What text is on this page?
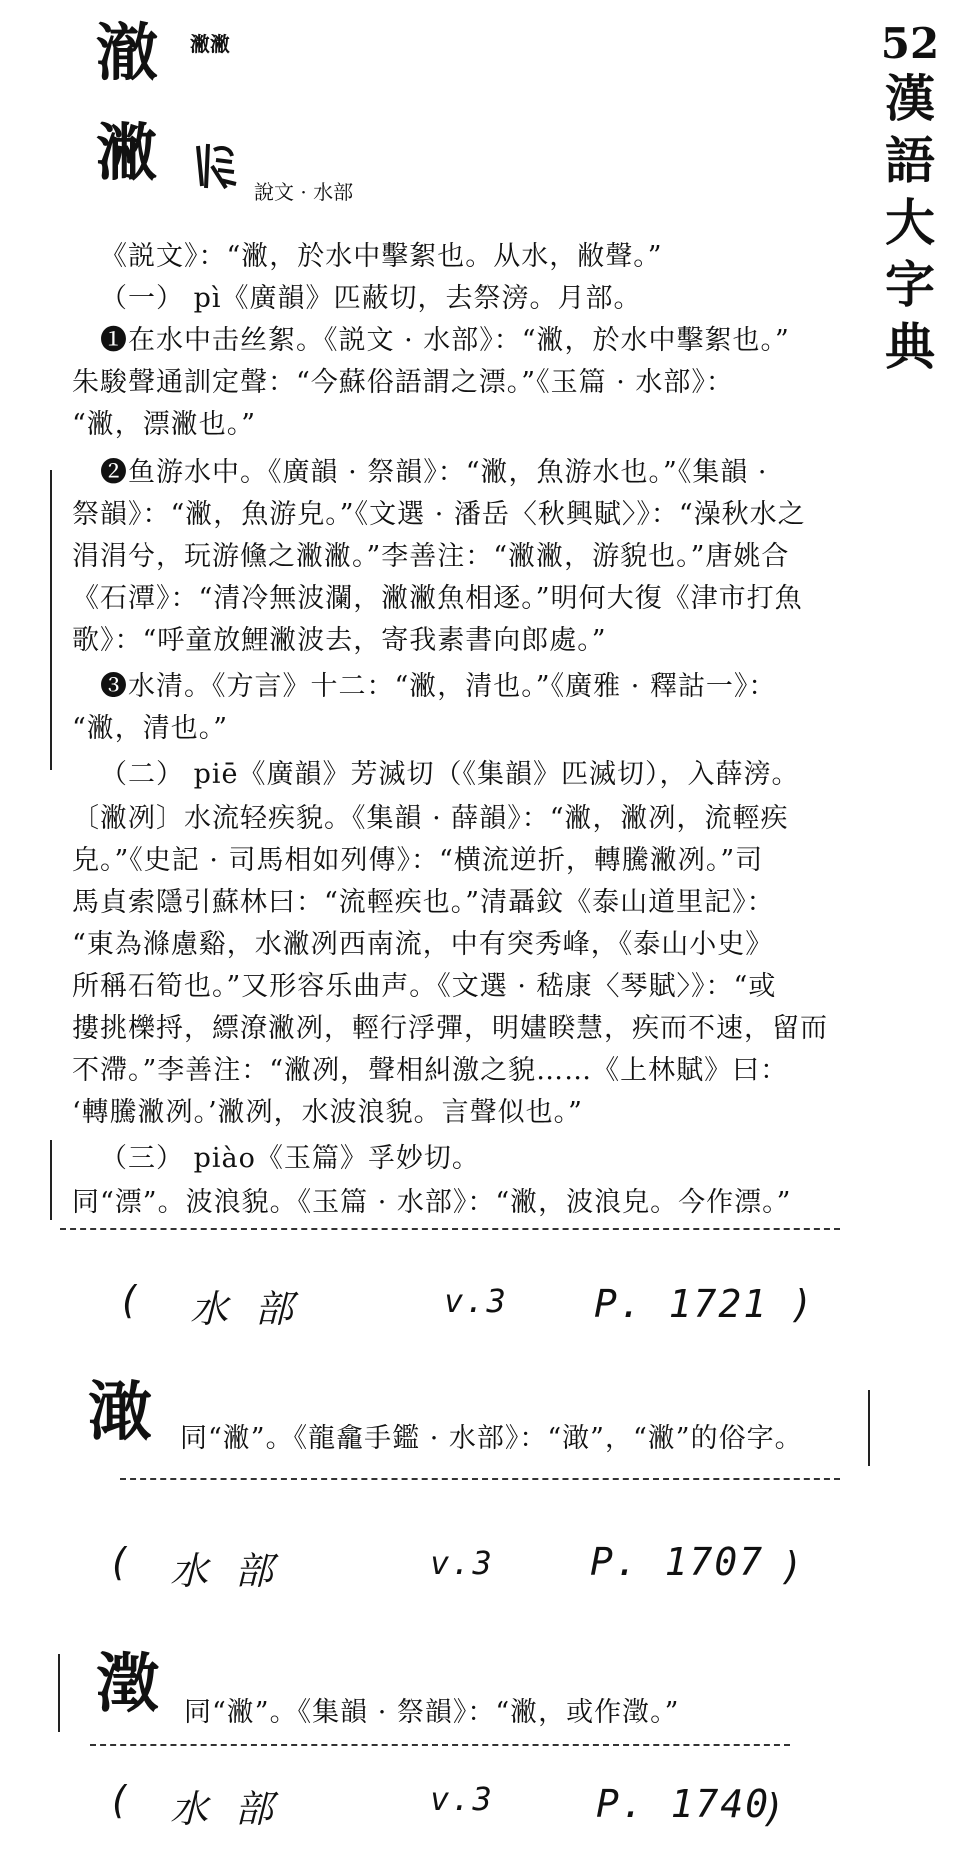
52
漢
語
大
字
典
澈 潎潎
潎
說文 · 水部
《説文》：“潎，於水中擊絮也。从水，敝聲。”
（一） pì《廣韻》匹蔽切，去祭滂。月部。
❶在水中击丝絮。《説文 · 水部》：“潎，於水中擊絮也。”
朱駿聲通訓定聲：“今蘇俗語謂之漂。”《玉篇 · 水部》：
“潎，漂潎也。”
❷鱼游水中。《廣韻 · 祭韻》：“潎，魚游水也。”《集韻 ·
祭韻》：“潎，魚游皃。”《文選 · 潘岳〈秋興賦〉》：“澡秋水之
涓涓兮，玩游儵之潎潎。”李善注：“潎潎，游貌也。”唐姚合
《石潭》：“清冷無波瀾，潎潎魚相逐。”明何大復《津市打魚
歌》：“呼童放鯉潎波去，寄我素書向郎處。”
❸水清。《方言》十二：“潎，清也。”《廣雅 · 釋詁一》：
“潎，清也。”
（二） piē《廣韻》芳滅切（《集韻》匹滅切），入薛滂。
〔潎冽〕水流轻疾貌。《集韻 · 薛韻》：“潎，潎冽，流輕疾
皃。”《史記 · 司馬相如列傳》：“横流逆折，轉騰潎冽。”司
馬貞索隱引蘇林曰：“流輕疾也。”清聶鈫《泰山道里記》：
“東為滌慮谿，水潎冽西南流，中有突秀峰，《泰山小史》
所稱石筍也。”又形容乐曲声。《文選 · 嵇康〈琴賦〉》：“或
摟挑櫟捋，縹潦潎冽，輕行浮彈，明嫿睽慧，疾而不速，留而
不滯。”李善注：“潎冽，聲相糾激之貌……《上林賦》曰：
‘轉騰潎冽。’潎冽，水波浪貌。言聲似也。”
（三） piào《玉篇》孚妙切。
同“漂”。波浪貌。《玉篇 · 水部》：“潎，波浪皃。今作漂。”
( 水 部	v.3 P. 1721 )
澉 同“潎”。《龍龕手鑑 · 水部》：“澉”，“潎”的俗字。
( 水 部	v.3	P. 1707 )
澂 同“潎”。《集韻 · 祭韻》：“潎，或作澂。”
( 水 部	v.3	P. 1740
)
